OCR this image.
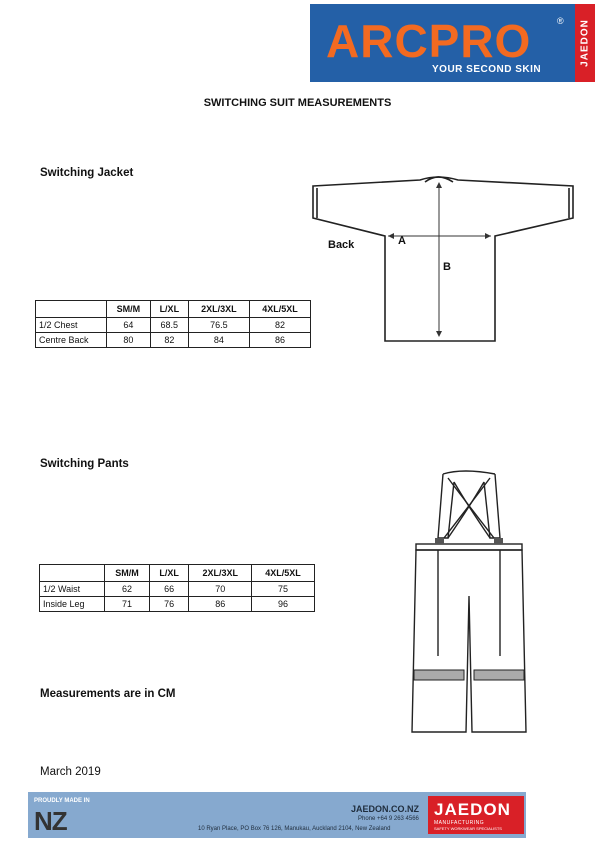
ARCPRO	®
YOUR SECOND SKIN
JAEDON
SWITCHING SUIT MEASUREMENTS
Switching Jacket
Back	A
B
	SM/M	L/XL	2XL/3XL	4XL/5XL
1/2 Chest	64	68.5	76.5	82
Centre Back	80	82	84	86
Switching Pants
	SM/M	L/XL	2XL/3XL	4XL/5XL
1/2 Waist	62	66	70	75
Inside Leg	71	76	86	96
Measurements are in CM
March 2019
PROUDLY MADE IN
NZ	JAEDON.CO.NZ
Phone +64 9 263 4566
10 Ryan Place, PO Box 76 126, Manukau, Auckland 2104, New Zealand
JAEDON
MANUFACTURING
SAFETY WORKWEAR SPECIALISTS
